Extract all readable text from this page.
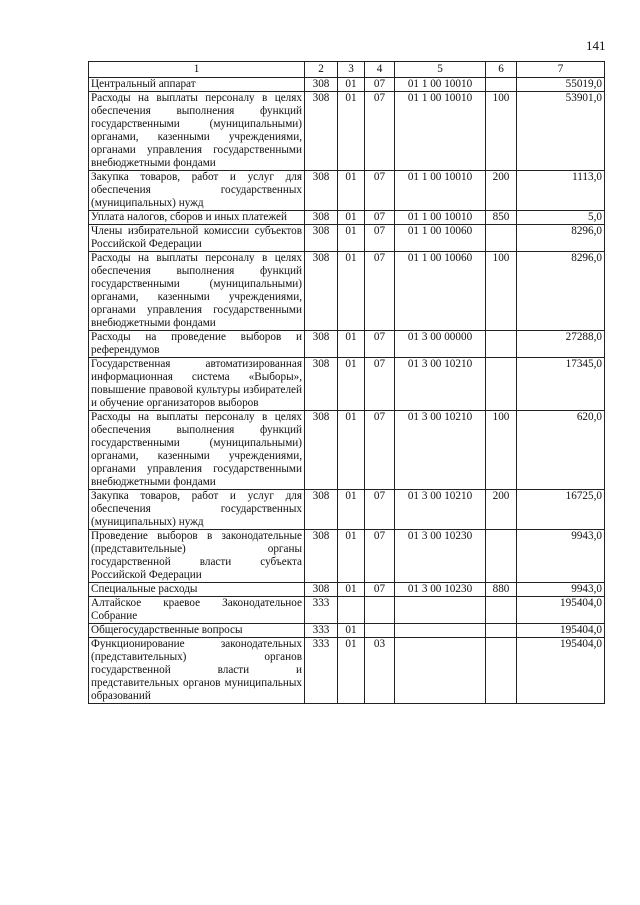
141
1	2	3	4	5	6	7
Центральный аппарат	308	01	07	01 1 00 10010		55019,0
Расходы на выплаты персоналу в целях обеспечения выполнения функций государственными (муниципальными) органами, казенными учреждениями, органами управления государственными внебюджетными фондами	308	01	07	01 1 00 10010	100	53901,0
Закупка товаров, работ и услуг для обеспечения государственных (муниципальных) нужд	308	01	07	01 1 00 10010	200	1113,0
Уплата налогов, сборов и иных платежей	308	01	07	01 1 00 10010	850	5,0
Члены избирательной комиссии субъектов Российской Федерации	308	01	07	01 1 00 10060		8296,0
Расходы на выплаты персоналу в целях обеспечения выполнения функций государственными (муниципальными) органами, казенными учреждениями, органами управления государственными внебюджетными фондами	308	01	07	01 1 00 10060	100	8296,0
Расходы на проведение выборов и референдумов	308	01	07	01 3 00 00000		27288,0
Государственная автоматизированная информационная система «Выборы», повышение правовой культуры избирателей и обучение организаторов выборов	308	01	07	01 3 00 10210		17345,0
Расходы на выплаты персоналу в целях обеспечения выполнения функций государственными (муниципальными) органами, казенными учреждениями, органами управления государственными внебюджетными фондами	308	01	07	01 3 00 10210	100	620,0
Закупка товаров, работ и услуг для обеспечения государственных (муниципальных) нужд	308	01	07	01 3 00 10210	200	16725,0
Проведение выборов в законодательные (представительные) органы государственной власти субъекта Российской Федерации	308	01	07	01 3 00 10230		9943,0
Специальные расходы	308	01	07	01 3 00 10230	880	9943,0
Алтайское краевое Законодательное Собрание	333					195404,0
Общегосударственные вопросы	333	01				195404,0
Функционирование законодательных (представительных) органов государственной власти и представительных органов муниципальных образований	333	01	03			195404,0
